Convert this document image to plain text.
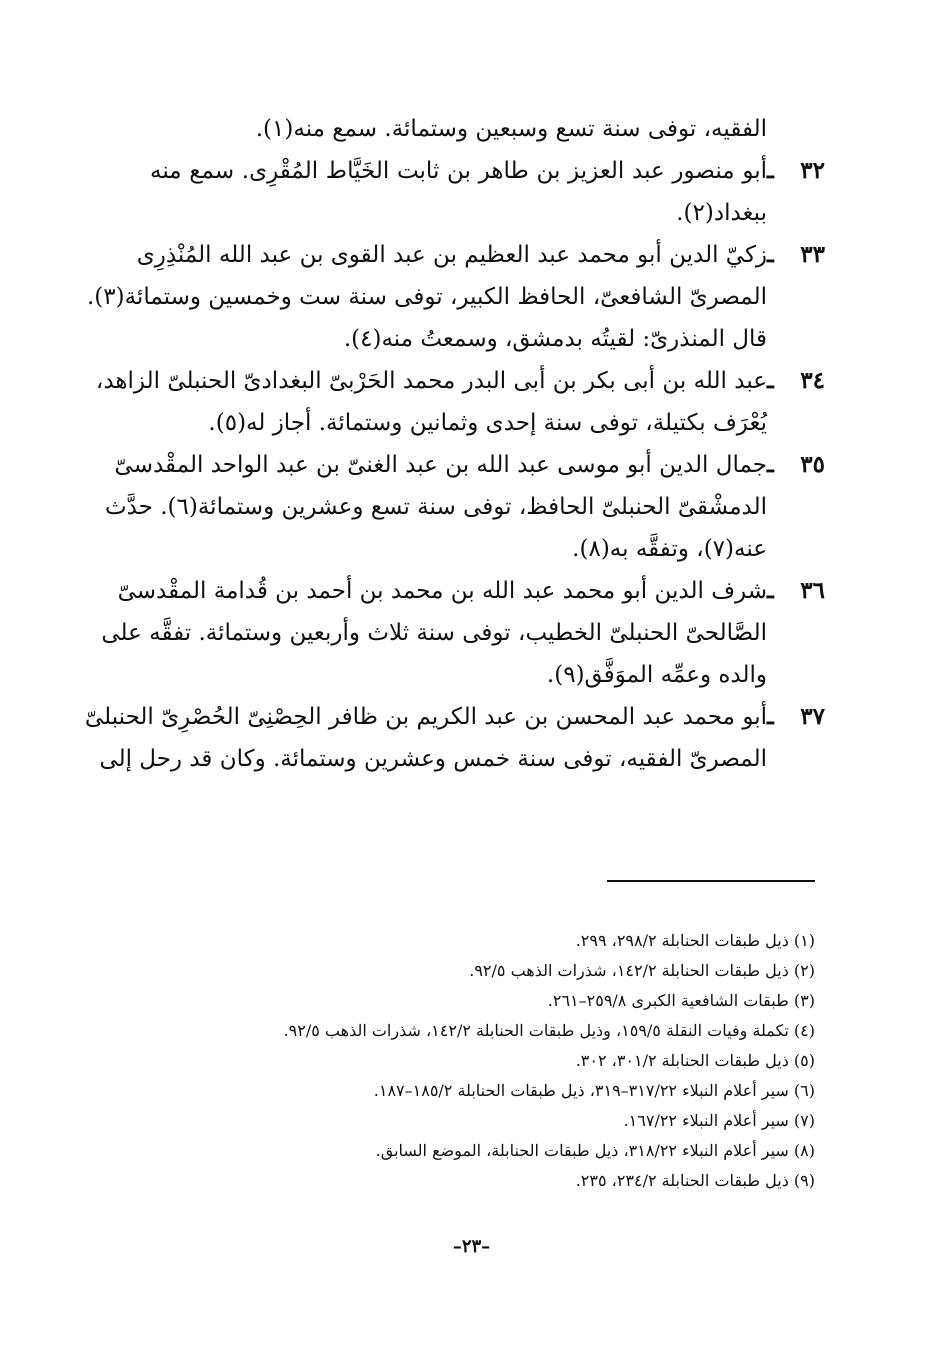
الفقيه، توفى سنة تسع وسبعين وستمائة. سمع منه(١).
٣٢ ـ
أبو منصور عبد العزيز بن طاهر بن ثابت الخَيَّاط المُقْرِى. سمع منه
ببغداد(٢).
٣٣ ـ
زكيّ الدين أبو محمد عبد العظيم بن عبد القوى بن عبد الله المُنْذِرِى
المصرىّ الشافعىّ، الحافظ الكبير، توفى سنة ست وخمسين وستمائة(٣).
قال المنذرىّ: لقيتُه بدمشق، وسمعتُ منه(٤).
٣٤ ـ
عبد الله بن أبى بكر بن أبى البدر محمد الحَرْبىّ البغدادىّ الحنبلىّ الزاهد،
يُعْرَف بكتيلة، توفى سنة إحدى وثمانين وستمائة. أجاز له(٥).
٣٥ ـ
جمال الدين أبو موسى عبد الله بن عبد الغنىّ بن عبد الواحد المقْدسىّ
الدمشْقىّ الحنبلىّ الحافظ، توفى سنة تسع وعشرين وستمائة(٦). حدَّث
عنه(٧)، وتفقَّه به(٨).
٣٦ ـ
شرف الدين أبو محمد عبد الله بن محمد بن أحمد بن قُدامة المقْدسىّ
الصَّالحىّ الحنبلىّ الخطيب، توفى سنة ثلاث وأربعين وستمائة. تفقَّه على
والده وعمِّه الموَفَّق(٩).
٣٧ ـ
أبو محمد عبد المحسن بن عبد الكريم بن ظافر الحِصْنِىّ الحُصْرِىّ الحنبلىّ
المصرىّ الفقيه، توفى سنة خمس وعشرين وستمائة. وكان قد رحل إلى
(١) ذيل طبقات الحنابلة ٢٩٨/٢، ٢٩٩.
(٢) ذيل طبقات الحنابلة ١٤٢/٢، شذرات الذهب ٩٢/٥.
(٣) طبقات الشافعية الكبرى ٢٥٩/٨–٢٦١.
(٤) تكملة وفيات النقلة ١٥٩/٥، وذيل طبقات الحنابلة ١٤٢/٢، شذرات الذهب ٩٢/٥.
(٥) ذيل طبقات الحنابلة ٣٠١/٢، ٣٠٢.
(٦) سير أعلام النبلاء ٣١٧/٢٢–٣١٩، ذيل طبقات الحنابلة ١٨٥/٢–١٨٧.
(٧) سير أعلام النبلاء ١٦٧/٢٢.
(٨) سير أعلام النبلاء ٣١٨/٢٢، ذيل طبقات الحنابلة، الموضع السابق.
(٩) ذيل طبقات الحنابلة ٢٣٤/٢، ٢٣٥.
–٢٣–
